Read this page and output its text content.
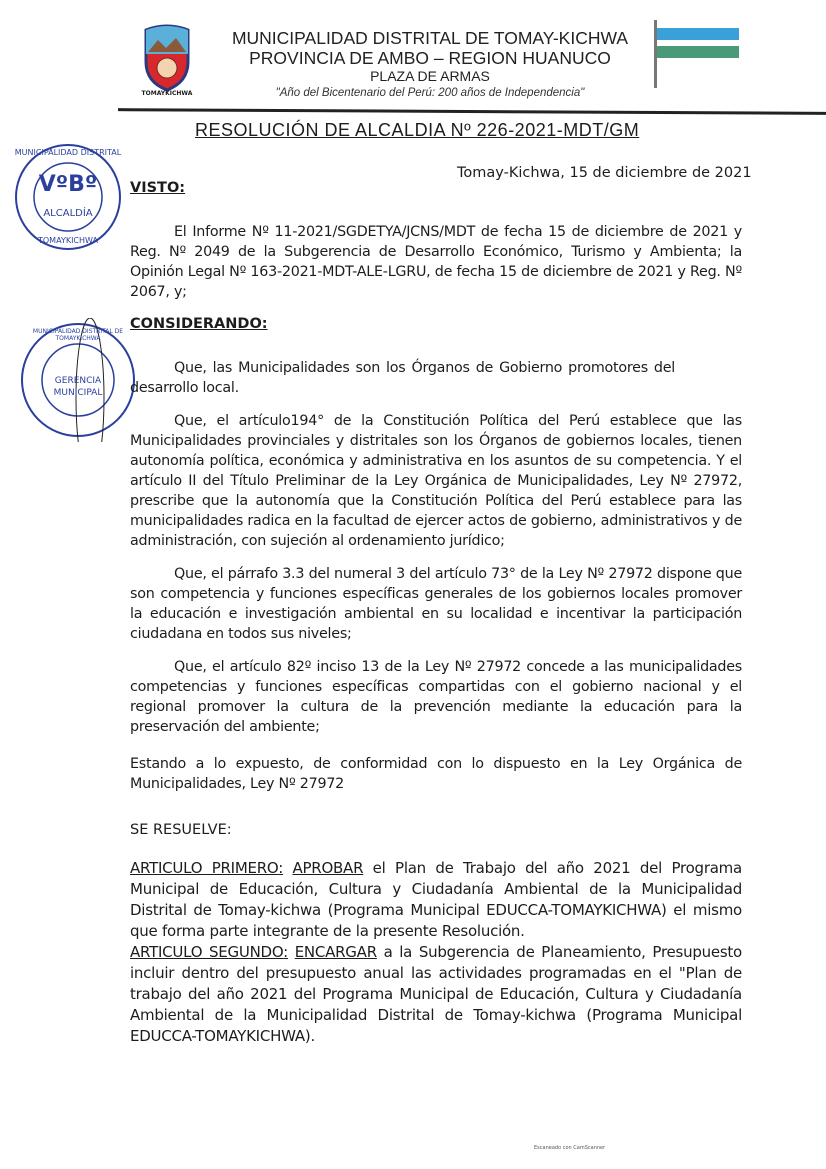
TOMAYKICHWA
MUNICIPALIDAD DISTRITAL DE TOMAY-KICHWA
PROVINCIA DE AMBO – REGION HUANUCO
PLAZA DE ARMAS
"Año del Bicentenario del Perú: 200 años de Independencia"
RESOLUCIÓN DE ALCALDIA Nº 226-2021-MDT/GM
Tomay-Kichwa, 15 de diciembre de 2021
VºBº
ALCALDÍA
MUNICIPALIDAD DISTRITAL
TOMAYKICHWA
GERENCIA
MUNICIPAL
MUNICIPALIDAD DISTRITAL DE TOMAYKICHWA
VISTO:
El Informe Nº 11-2021/SGDETYA/JCNS/MDT de fecha 15 de diciembre de 2021 y Reg. Nº 2049 de la Subgerencia de Desarrollo Económico, Turismo y Ambienta; la Opinión Legal Nº 163-2021-MDT-ALE-LGRU, de fecha 15 de diciembre de 2021 y Reg. Nº 2067, y;
CONSIDERANDO:
Que, las Municipalidades son los Órganos de Gobierno promotores del desarrollo local.
Que, el artículo194° de la Constitución Política del Perú establece que las Municipalidades provinciales y distritales son los Órganos de gobiernos locales, tienen autonomía política, económica y administrativa en los asuntos de su competencia. Y el artículo II del Título Preliminar de la Ley Orgánica de Municipalidades, Ley Nº 27972, prescribe que la autonomía que la Constitución Política del Perú establece para las municipalidades radica en la facultad de ejercer actos de gobierno, administrativos y de administración, con sujeción al ordenamiento jurídico;
Que, el párrafo 3.3 del numeral 3 del artículo 73° de la Ley Nº 27972 dispone que son competencia y funciones específicas generales de los gobiernos locales promover la educación e investigación ambiental en su localidad e incentivar la participación ciudadana en todos sus niveles;
Que, el artículo 82º inciso 13 de la Ley Nº 27972 concede a las municipalidades competencias y funciones específicas compartidas con el gobierno nacional y el regional promover la cultura de la prevención mediante la educación para la preservación del ambiente;
Estando a lo expuesto, de conformidad con lo dispuesto en la Ley Orgánica de Municipalidades, Ley Nº 27972
SE RESUELVE:
ARTICULO PRIMERO: APROBAR el Plan de Trabajo del año 2021 del Programa Municipal de Educación, Cultura y Ciudadanía Ambiental de la Municipalidad Distrital de Tomay-kichwa (Programa Municipal EDUCCA-TOMAYKICHWA) el mismo que forma parte integrante de la presente Resolución.
ARTICULO SEGUNDO: ENCARGAR a la Subgerencia de Planeamiento, Presupuesto incluir dentro del presupuesto anual las actividades programadas en el "Plan de trabajo del año 2021 del Programa Municipal de Educación, Cultura y Ciudadanía Ambiental de la Municipalidad Distrital de Tomay-kichwa (Programa Municipal EDUCCA-TOMAYKICHWA).
Escaneado con CamScanner
